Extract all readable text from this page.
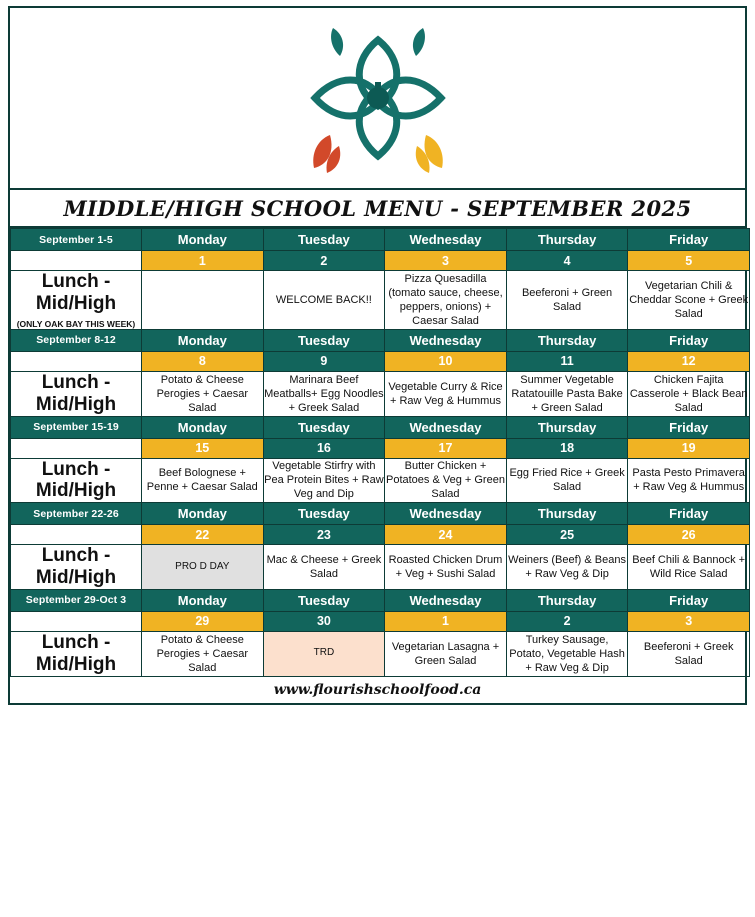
MIDDLE/HIGH SCHOOL MENU - SEPTEMBER 2025
September 1-5	Monday	Tuesday	Wednesday	Thursday	Friday
	1	2	3	4	5

Lunch -
Mid/High
(ONLY OAK BAY THIS WEEK)		WELCOME BACK!!	Pizza Quesadilla (tomato sauce, cheese, peppers, onions) + Caesar Salad	Beeferoni + Green Salad	Vegetarian Chili & Cheddar Scone + Greek Salad
September 8-12	Monday	Tuesday	Wednesday	Thursday	Friday
	8	9	10	11	12

Lunch -
Mid/High	Potato & Cheese Perogies + Caesar Salad	Marinara Beef Meatballs+ Egg Noodles + Greek Salad	Vegetable Curry & Rice + Raw Veg & Hummus	Summer Vegetable Ratatouille Pasta Bake + Green Salad	Chicken Fajita Casserole + Black Bean Salad
September 15-19	Monday	Tuesday	Wednesday	Thursday	Friday
	15	16	17	18	19

Lunch -
Mid/High	Beef Bolognese + Penne + Caesar Salad	Vegetable Stirfry with Pea Protein Bites + Raw Veg and Dip	Butter Chicken + Potatoes & Veg + Green Salad	Egg Fried Rice + Greek Salad	Pasta Pesto Primavera + Raw Veg & Hummus
September 22-26	Monday	Tuesday	Wednesday	Thursday	Friday
	22	23	24	25	26

Lunch -
Mid/High	PRO D DAY	Mac & Cheese + Greek Salad	Roasted Chicken Drum + Veg + Sushi Salad	Weiners (Beef) & Beans + Raw Veg & Dip	Beef Chili & Bannock + Wild Rice Salad
September 29-Oct 3	Monday	Tuesday	Wednesday	Thursday	Friday
	29	30	1	2	3

Lunch -
Mid/High	Potato & Cheese Perogies + Caesar Salad	TRD	Vegetarian Lasagna + Green Salad	Turkey Sausage, Potato, Vegetable Hash + Raw Veg & Dip	Beeferoni + Greek Salad
www.flourishschoolfood.ca
